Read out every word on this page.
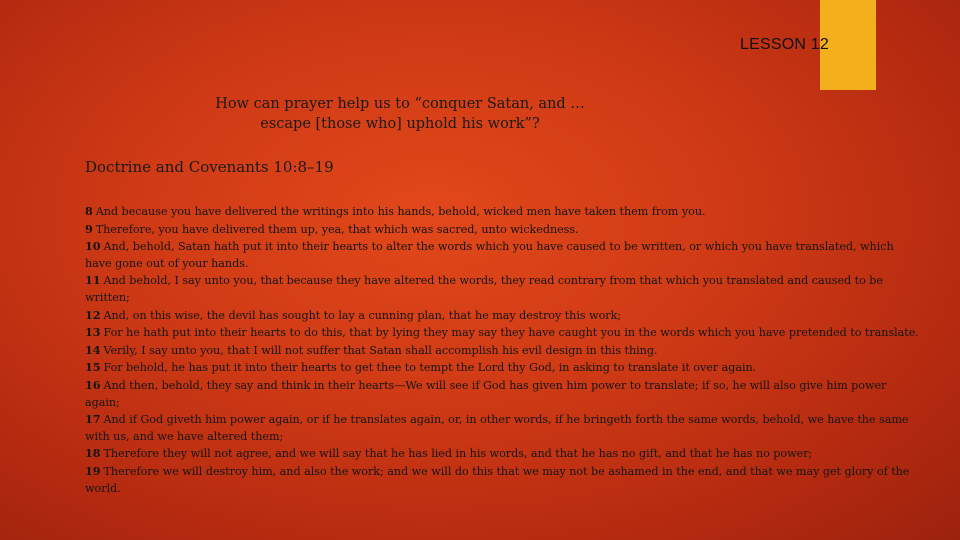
LESSON 12
How can prayer help us to “conquer Satan, and …
escape [those who] uphold his work”?
Doctrine and Covenants 10:8–19

8 And because you have delivered the writings into his hands, behold, wicked men have taken them from you.

9 Therefore, you have delivered them up, yea, that which was sacred, unto wickedness.

10 And, behold, Satan hath put it into their hearts to alter the words which you have caused to be written, or which you have translated, which have gone out of your hands.

11 And behold, I say unto you, that because they have altered the words, they read contrary from that which you translated and caused to be written;

12 And, on this wise, the devil has sought to lay a cunning plan, that he may destroy this work;

13 For he hath put into their hearts to do this, that by lying they may say they have caught you in the words which you have pretended to translate.

14 Verily, I say unto you, that I will not suffer that Satan shall accomplish his evil design in this thing.

15 For behold, he has put it into their hearts to get thee to tempt the Lord thy God, in asking to translate it over again.

16 And then, behold, they say and think in their hearts—We will see if God has given him power to translate; if so, he will also give him power again;

17 And if God giveth him power again, or if he translates again, or, in other words, if he bringeth forth the same words, behold, we have the same with us, and we have altered them;

18 Therefore they will not agree, and we will say that he has lied in his words, and that he has no gift, and that he has no power;

19 Therefore we will destroy him, and also the work; and we will do this that we may not be ashamed in the end, and that we may get glory of the world.
